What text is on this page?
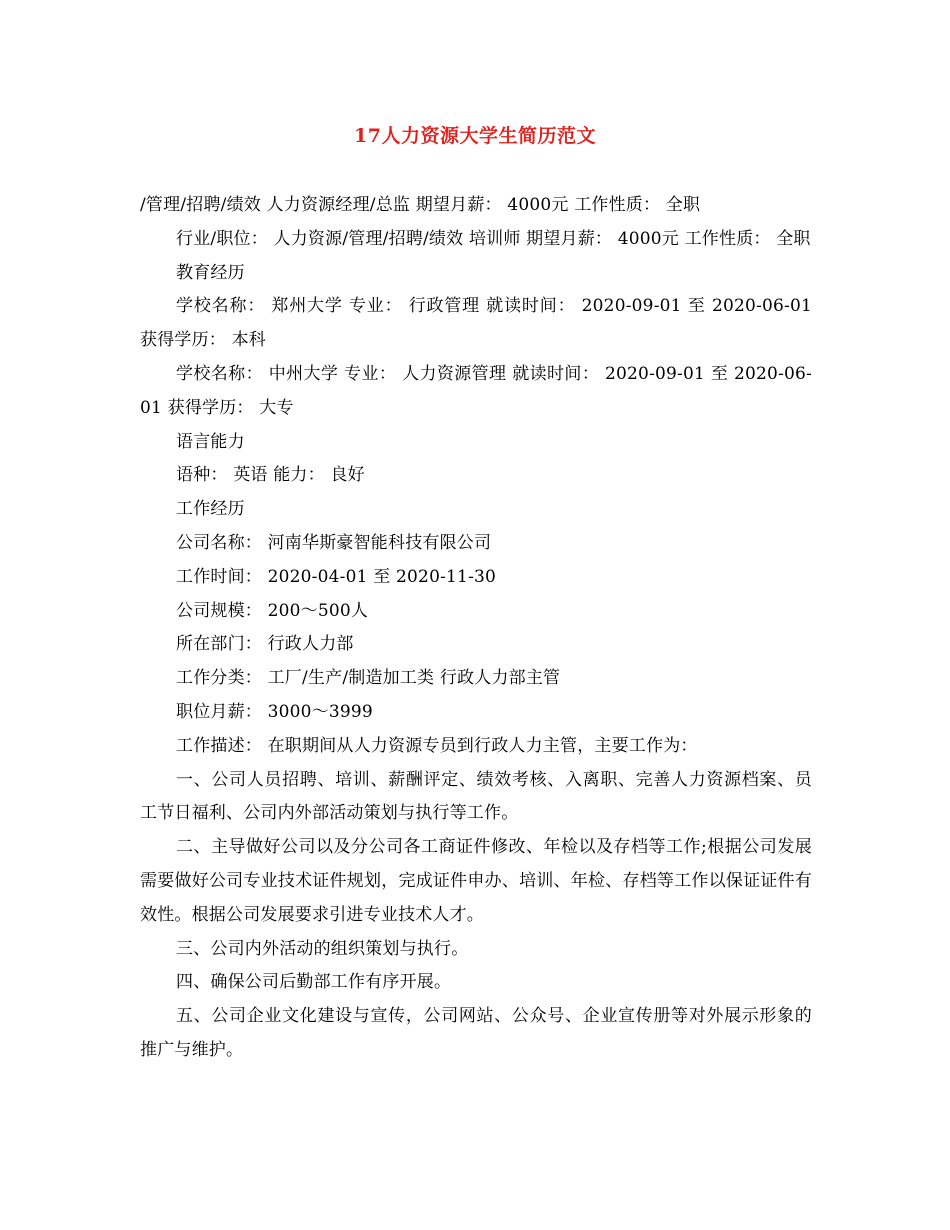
17人力资源大学生简历范文

/管理/招聘/绩效 人力资源经理/总监 期望月薪： 4000元 工作性质： 全职

行业/职位： 人力资源/管理/招聘/绩效 培训师 期望月薪： 4000元 工作性质： 全职

教育经历

学校名称： 郑州大学 专业： 行政管理 就读时间： 2020-09-01 至 2020-06-01 获得学历： 本科

学校名称： 中州大学 专业： 人力资源管理 就读时间： 2020-09-01 至 2020-06-01 获得学历： 大专

语言能力

语种： 英语 能力： 良好

工作经历

公司名称： 河南华斯豪智能科技有限公司

工作时间： 2020-04-01 至 2020-11-30

公司规模： 200～500人

所在部门： 行政人力部

工作分类： 工厂/生产/制造加工类 行政人力部主管

职位月薪： 3000～3999

工作描述： 在职期间从人力资源专员到行政人力主管，主要工作为：

一、公司人员招聘、培训、薪酬评定、绩效考核、入离职、完善人力资源档案、员工节日福利、公司内外部活动策划与执行等工作。

二、主导做好公司以及分公司各工商证件修改、年检以及存档等工作;根据公司发展需要做好公司专业技术证件规划，完成证件申办、培训、年检、存档等工作以保证证件有效性。根据公司发展要求引进专业技术人才。

三、公司内外活动的组织策划与执行。

四、确保公司后勤部工作有序开展。

五、公司企业文化建设与宣传，公司网站、公众号、企业宣传册等对外展示形象的推广与维护。
